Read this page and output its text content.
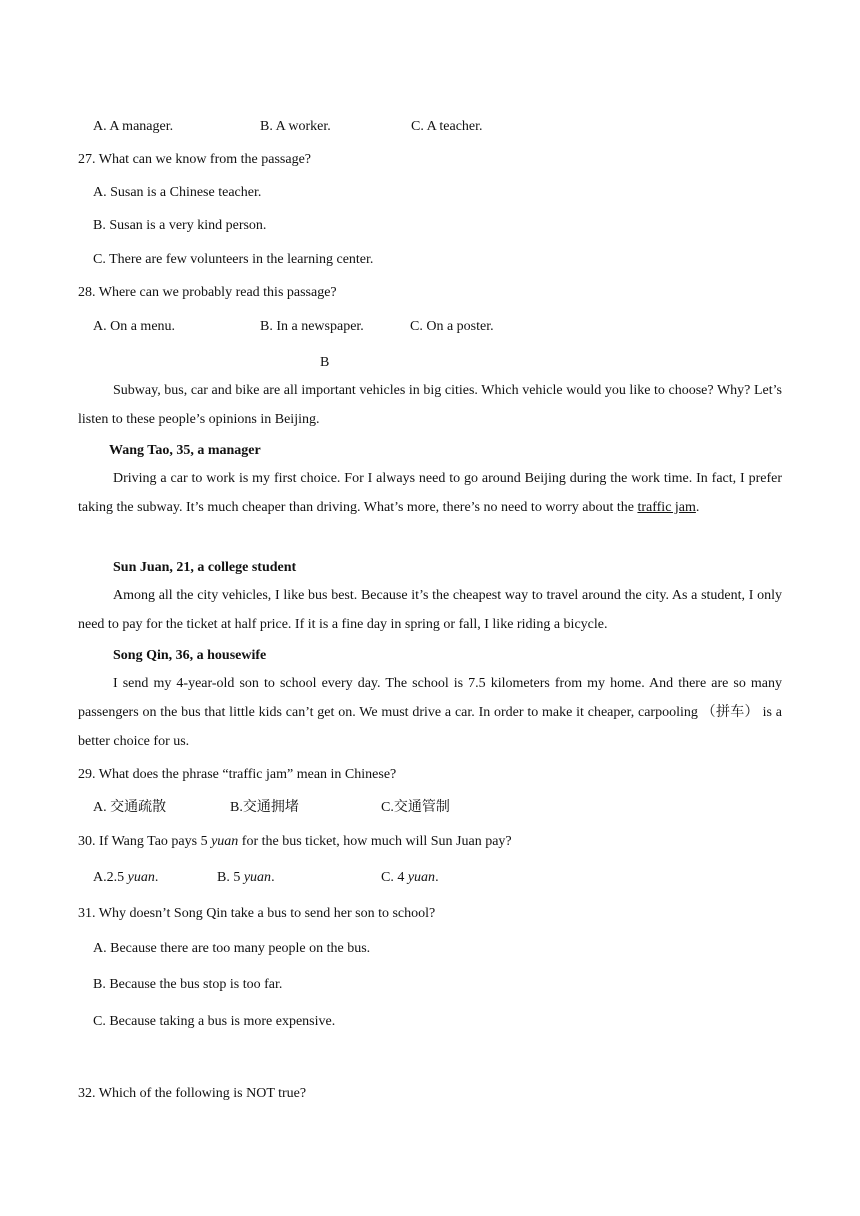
A. A manager.	B. A worker.	C. A teacher.
27. What can we know from the passage?
A. Susan is a Chinese teacher.
B. Susan is a very kind person.
C. There are few volunteers in the learning center.
28. Where can we probably read this passage?
A. On a menu.	B. In a newspaper.	C. On a poster.
B
Subway, bus, car and bike are all important vehicles in big cities. Which vehicle would you like to choose? Why? Let’s listen to these people’s opinions in Beijing.
Wang Tao, 35, a manager
Driving a car to work is my first choice. For I always need to go around Beijing during the work time. In fact, I prefer taking the subway. It’s much cheaper than driving. What’s more, there’s no need to worry about the traffic jam.
Sun Juan, 21, a college student
Among all the city vehicles, I like bus best. Because it’s the cheapest way to travel around the city. As a student, I only need to pay for the ticket at half price. If it is a fine day in spring or fall, I like riding a bicycle.
Song Qin, 36, a housewife
I send my 4-year-old son to school every day. The school is 7.5 kilometers from my home. And there are so many passengers on the bus that little kids can’t get on. We must drive a car. In order to make it cheaper, carpooling （拼车） is a better choice for us.
29. What does the phrase “traffic jam” mean in Chinese?
A. 交通疏散	B.交通拥堵	C.交通管制
30. If Wang Tao pays 5 yuan for the bus ticket, how much will Sun Juan pay?
A.2.5 yuan.	B. 5 yuan.	C. 4 yuan.
31. Why doesn’t Song Qin take a bus to send her son to school?
A. Because there are too many people on the bus.
B. Because the bus stop is too far.
C. Because taking a bus is more expensive.
32. Which of the following is NOT true?
